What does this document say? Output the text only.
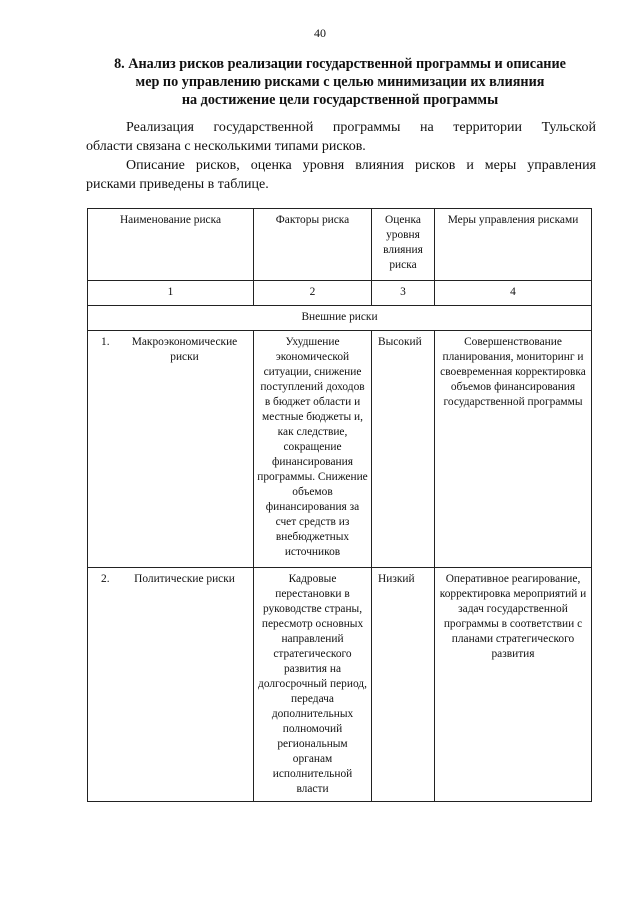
40
8. Анализ рисков реализации государственной программы и описание
мер по управлению рисками с целью минимизации их влияния
на достижение цели государственной программы
Реализация государственной программы на территории Тульской
области связана с несколькими типами рисков.
Описание рисков, оценка уровня влияния рисков и меры управления
рисками приведены в таблице.
Наименование риска	Факторы риска	Оценка уровня влияния риска	Меры управления рисками
1	2	3	4
Внешние риски			

1. Макроэкономические риски	Ухудшение экономической ситуации, снижение поступлений доходов в бюджет области и местные бюджеты и, как следствие, сокращение финансирования программы. Снижение объемов финансирования за счет средств из внебюджетных источников	Высокий	Совершенствование планирования, мониторинг и своевременная корректировка объемов финансирования государственной программы

2. Политические риски	Кадровые перестановки в руководстве страны, пересмотр основных направлений стратегического развития на долгосрочный период, передача дополнительных полномочий региональным органам исполнительной власти	Низкий	Оперативное реагирование, корректировка мероприятий и задач государственной программы в соответствии с планами стратегического развития
